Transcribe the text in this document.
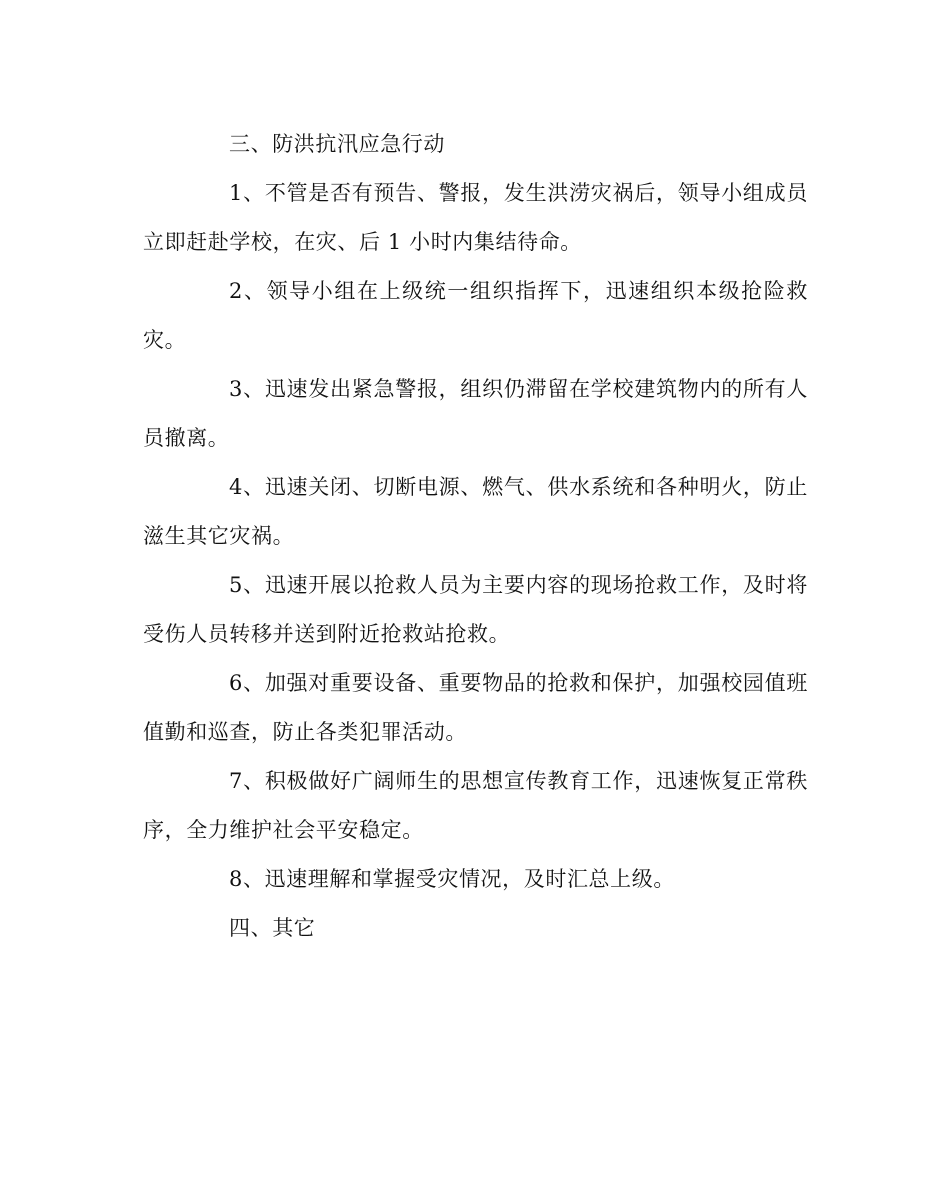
三、防洪抗汛应急行动

1、不管是否有预告、警报，发生洪涝灾祸后，领导小组成员立即赶赴学校，在灾、后 1 小时内集结待命。

2、领导小组在上级统一组织指挥下，迅速组织本级抢险救灾。

3、迅速发出紧急警报，组织仍滞留在学校建筑物内的所有人员撤离。

4、迅速关闭、切断电源、燃气、供水系统和各种明火，防止滋生其它灾祸。

5、迅速开展以抢救人员为主要内容的现场抢救工作，及时将受伤人员转移并送到附近抢救站抢救。

6、加强对重要设备、重要物品的抢救和保护，加强校园值班值勤和巡查，防止各类犯罪活动。

7、积极做好广阔师生的思想宣传教育工作，迅速恢复正常秩序，全力维护社会平安稳定。

8、迅速理解和掌握受灾情况，及时汇总上级。

四、其它
